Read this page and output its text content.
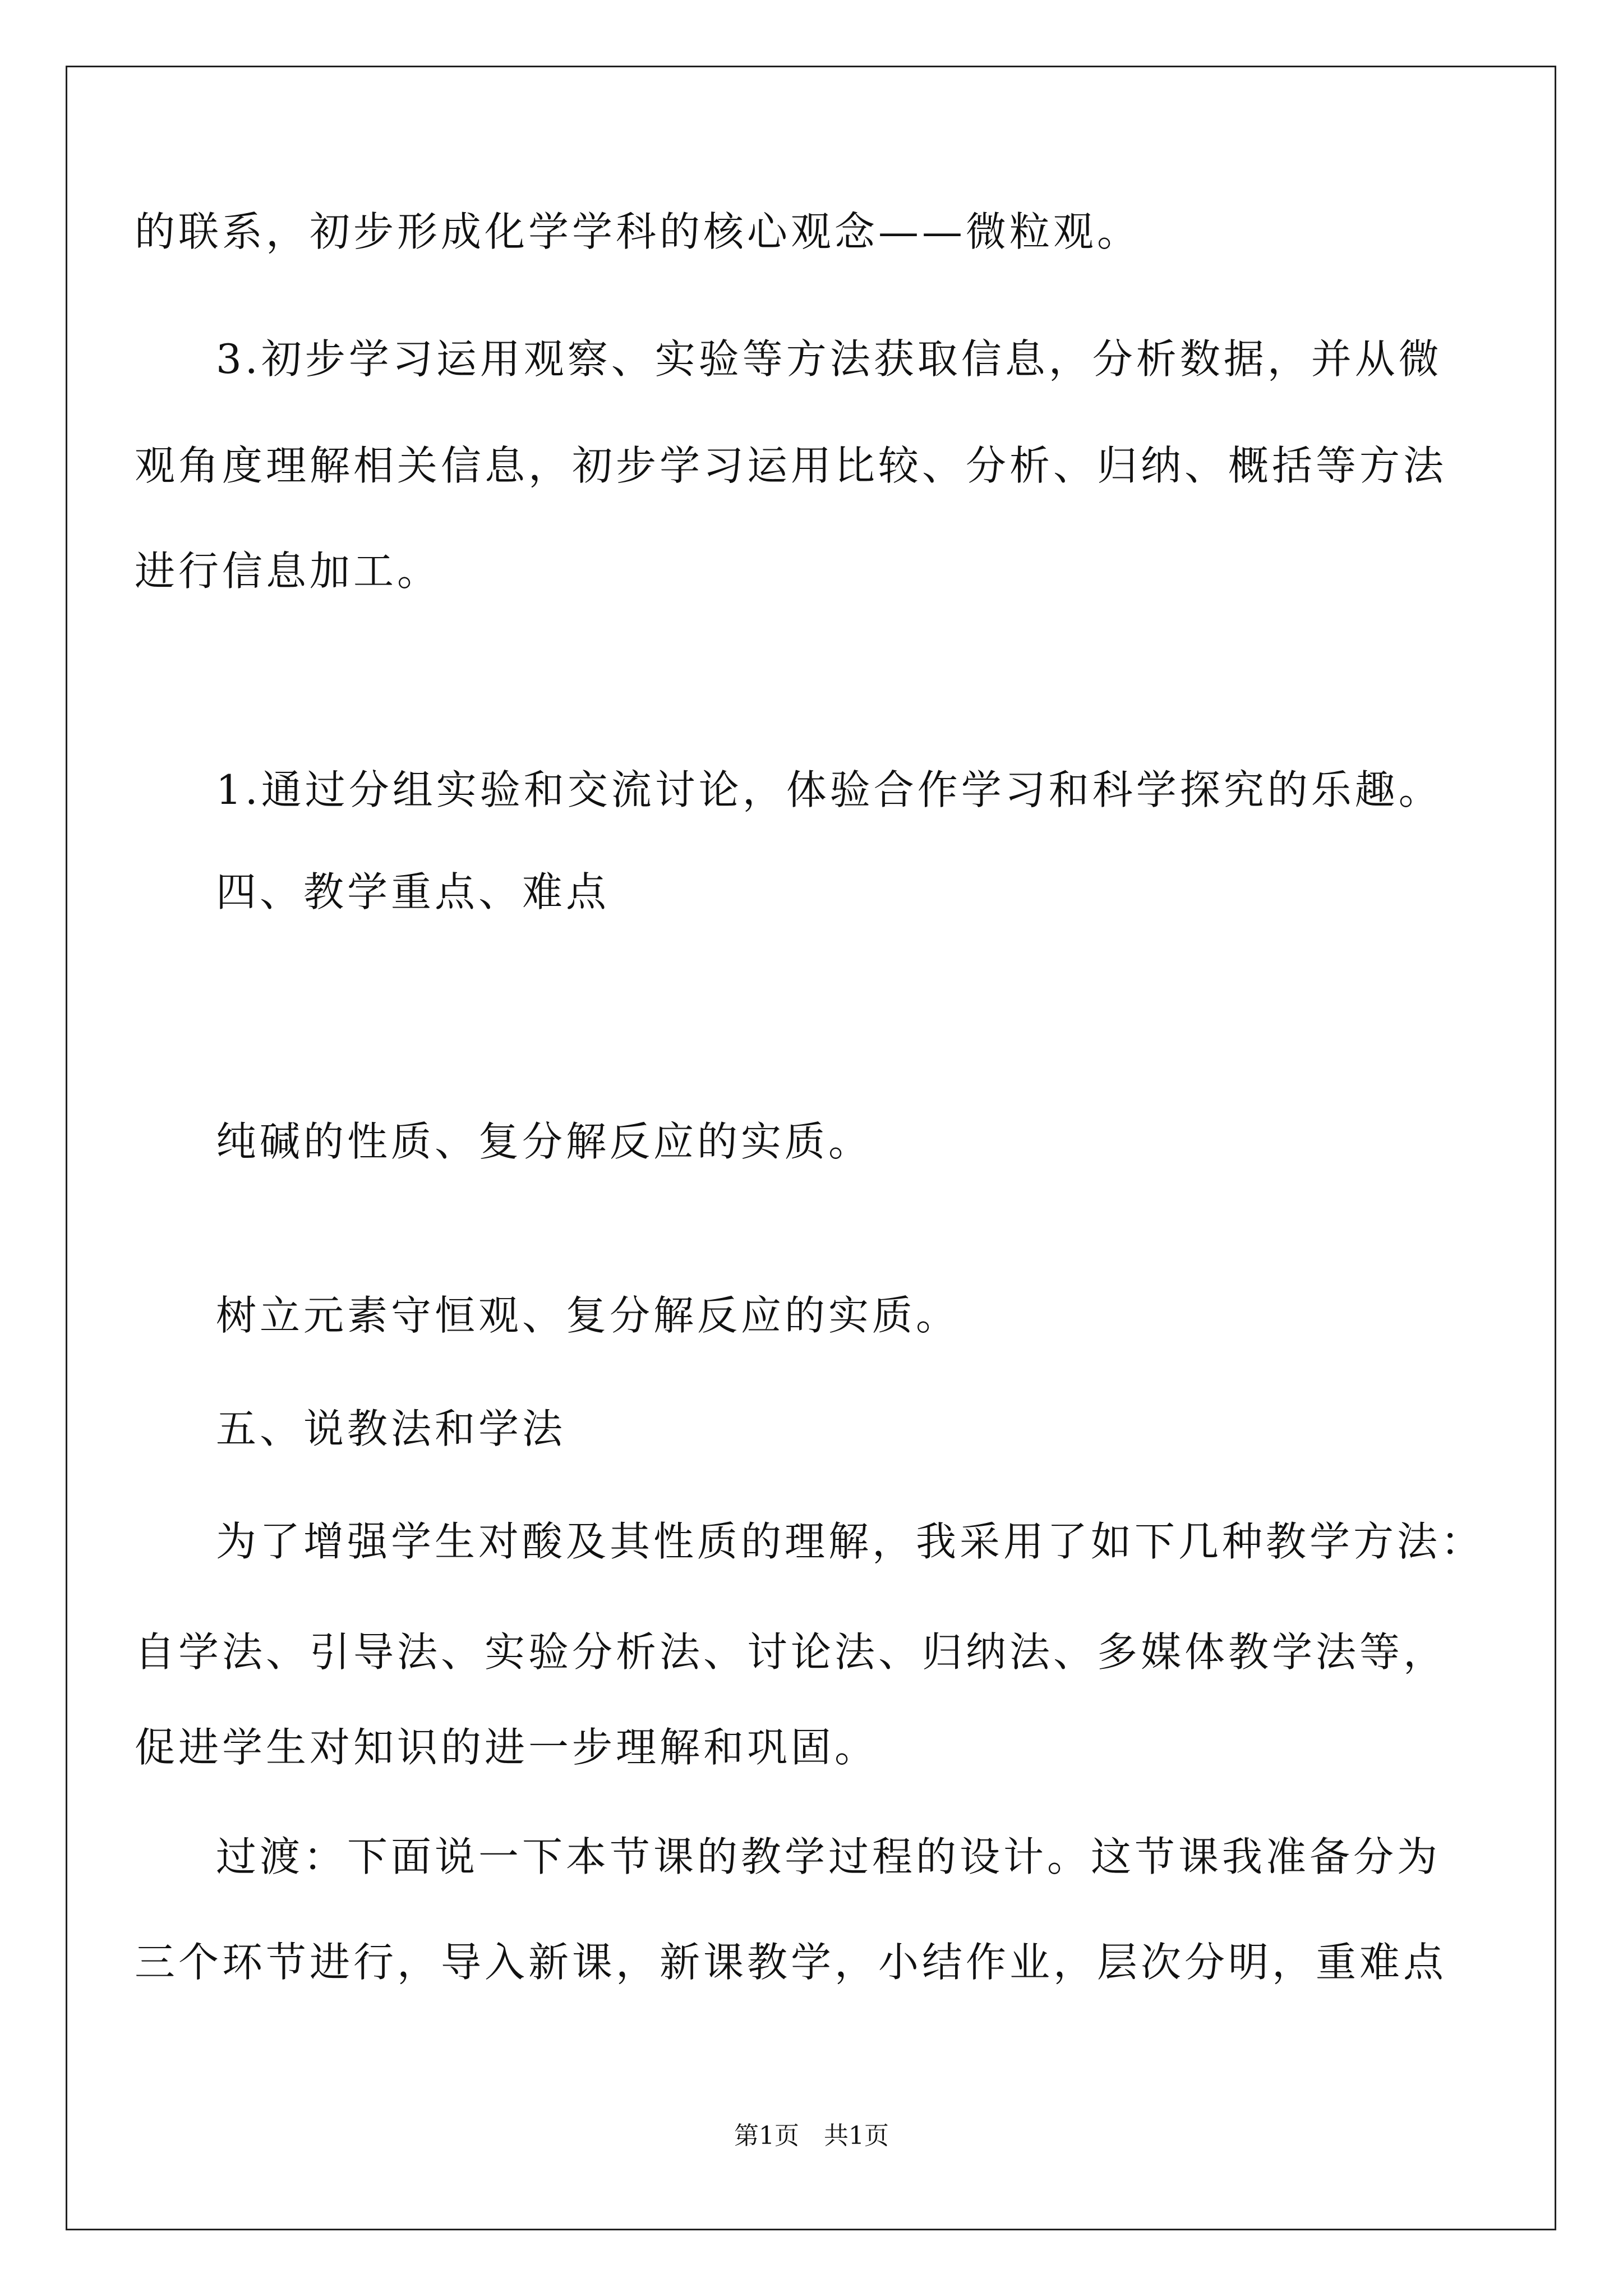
的联系，初步形成化学学科的核心观念——微粒观。
3.初步学习运用观察、实验等方法获取信息，分析数据，并从微
观角度理解相关信息，初步学习运用比较、分析、归纳、概括等方法
进行信息加工。
1.通过分组实验和交流讨论，体验合作学习和科学探究的乐趣。
四、教学重点、难点
纯碱的性质、复分解反应的实质。
树立元素守恒观、复分解反应的实质。
五、说教法和学法
为了增强学生对酸及其性质的理解，我采用了如下几种教学方法：
自学法、引导法、实验分析法、讨论法、归纳法、多媒体教学法等，
促进学生对知识的进一步理解和巩固。
过渡：下面说一下本节课的教学过程的设计。这节课我准备分为
三个环节进行，导入新课，新课教学，小结作业，层次分明，重难点
第1页　共1页
